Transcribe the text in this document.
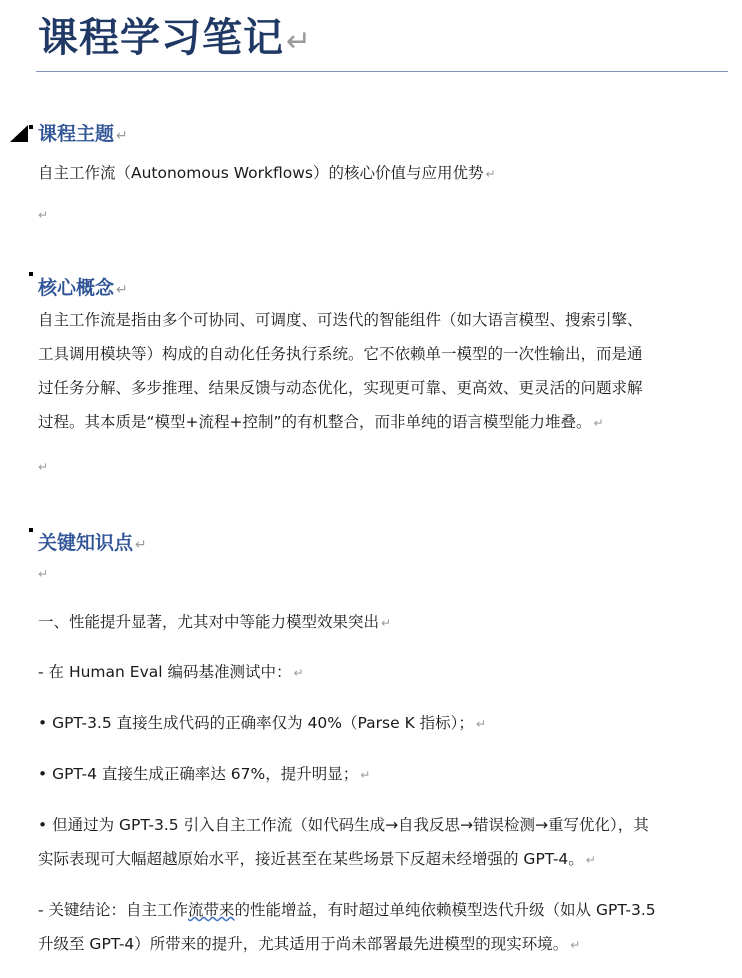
课程学习笔记↵
课程主题 ↵
自主工作流（Autonomous Workflows）的核心价值与应用优势 ↵
↵
核心概念 ↵
自主工作流是指由多个可协同、可调度、可迭代的智能组件（如大语言模型、搜索引擎、
工具调用模块等）构成的自动化任务执行系统。它不依赖单一模型的一次性输出，而是通
过任务分解、多步推理、结果反馈与动态优化，实现更可靠、更高效、更灵活的问题求解
过程。其本质是“模型+流程+控制”的有机整合，而非单纯的语言模型能力堆叠。 ↵
↵
关键知识点 ↵
↵
一、性能提升显著，尤其对中等能力模型效果突出 ↵
- 在 Human Eval 编码基准测试中： ↵
• GPT-3.5 直接生成代码的正确率仅为 40%（Parse K 指标）； ↵
• GPT-4 直接生成正确率达 67%，提升明显； ↵
• 但通过为 GPT-3.5 引入自主工作流（如代码生成→自我反思→错误检测→重写优化），其
实际表现可大幅超越原始水平，接近甚至在某些场景下反超未经增强的 GPT-4。 ↵
- 关键结论：自主工作流带来的性能增益，有时超过单纯依赖模型迭代升级（如从 GPT-3.5
升级至 GPT-4）所带来的提升，尤其适用于尚未部署最先进模型的现实环境。 ↵
